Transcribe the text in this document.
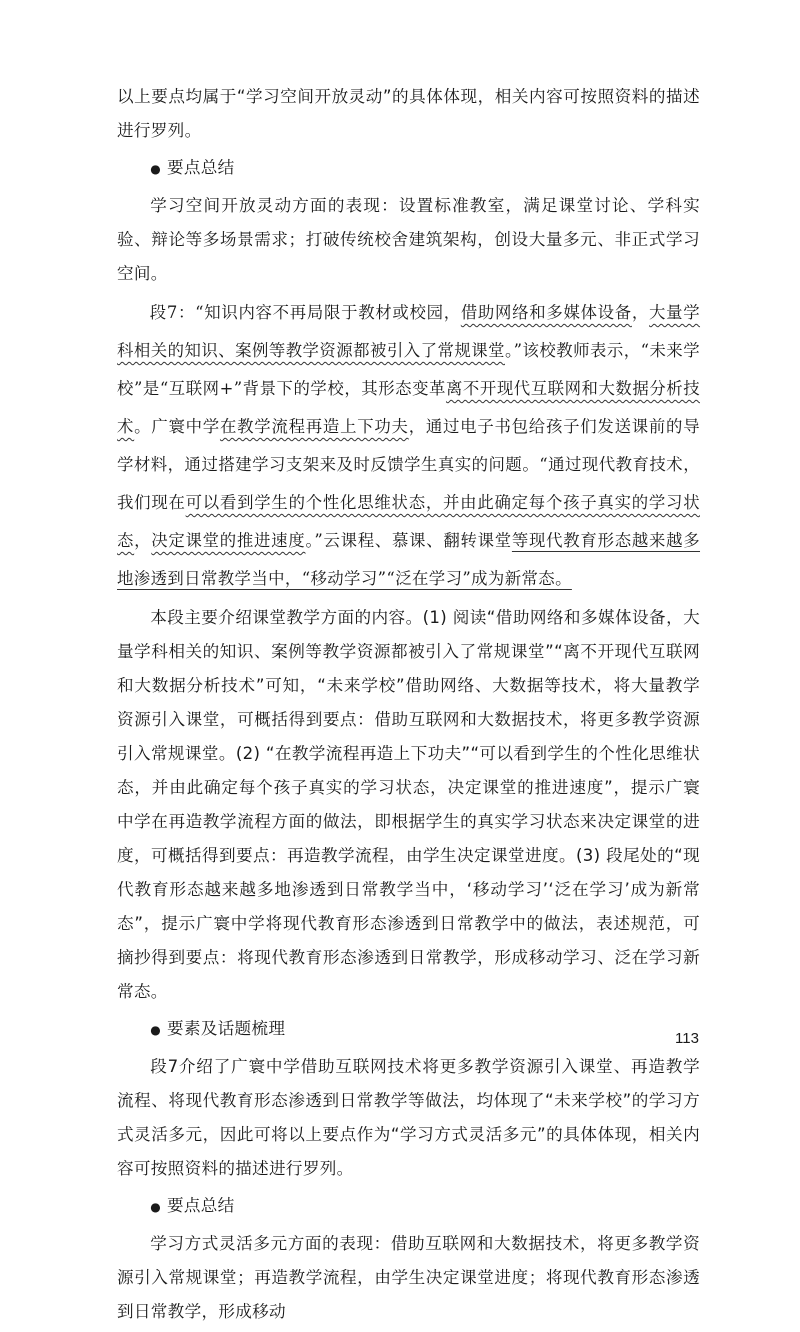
以上要点均属于“学习空间开放灵动”的具体体现，相关内容可按照资料的描述进行罗列。

● 要点总结

学习空间开放灵动方面的表现：设置标准教室，满足课堂讨论、学科实验、辩论等多场景需求；打破传统校舍建筑架构，创设大量多元、非正式学习空间。

段7：“知识内容不再局限于教材或校园，借助网络和多媒体设备，大量学科相关的知识、案例等教学资源都被引入了常规课堂。”该校教师表示，“未来学校”是“互联网+”背景下的学校，其形态变革离不开现代互联网和大数据分析技术。广寰中学在教学流程再造上下功夫，通过电子书包给孩子们发送课前的导学材料，通过搭建学习支架来及时反馈学生真实的问题。“通过现代教育技术，我们现在可以看到学生的个性化思维状态，并由此确定每个孩子真实的学习状态，决定课堂的推进速度。”云课程、慕课、翻转课堂等现代教育形态越来越多地渗透到日常教学当中，“移动学习”“泛在学习”成为新常态。

本段主要介绍课堂教学方面的内容。(1) 阅读“借助网络和多媒体设备，大量学科相关的知识、案例等教学资源都被引入了常规课堂”“离不开现代互联网和大数据分析技术”可知，“未来学校”借助网络、大数据等技术，将大量教学资源引入课堂，可概括得到要点：借助互联网和大数据技术，将更多教学资源引入常规课堂。(2) “在教学流程再造上下功夫”“可以看到学生的个性化思维状态，并由此确定每个孩子真实的学习状态，决定课堂的推进速度”，提示广寰中学在再造教学流程方面的做法，即根据学生的真实学习状态来决定课堂的进度，可概括得到要点：再造教学流程，由学生决定课堂进度。(3) 段尾处的“现代教育形态越来越多地渗透到日常教学当中，‘移动学习’‘泛在学习’成为新常态”，提示广寰中学将现代教育形态渗透到日常教学中的做法，表述规范，可摘抄得到要点：将现代教育形态渗透到日常教学，形成移动学习、泛在学习新常态。

● 要素及话题梳理

段7介绍了广寰中学借助互联网技术将更多教学资源引入课堂、再造教学流程、将现代教育形态渗透到日常教学等做法，均体现了“未来学校”的学习方式灵活多元，因此可将以上要点作为“学习方式灵活多元”的具体体现，相关内容可按照资料的描述进行罗列。

● 要点总结

学习方式灵活多元方面的表现：借助互联网和大数据技术，将更多教学资源引入常规课堂；再造教学流程，由学生决定课堂进度；将现代教育形态渗透到日常教学，形成移动

113
